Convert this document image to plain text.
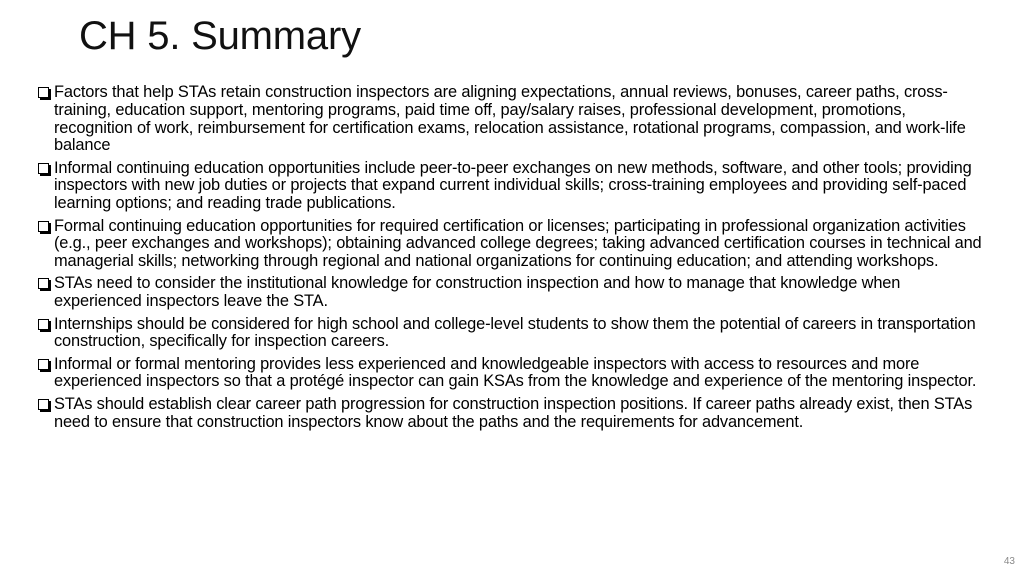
CH 5. Summary
Factors that help STAs retain construction inspectors are aligning expectations, annual reviews, bonuses, career paths, cross-training, education support, mentoring programs, paid time off, pay/salary raises, professional development, promotions, recognition of work, reimbursement for certification exams, relocation assistance, rotational programs, compassion, and work-life balance
Informal continuing education opportunities include peer-to-peer exchanges on new methods, software, and other tools; providing inspectors with new job duties or projects that expand current individual skills; cross-training employees and providing self-paced learning options; and reading trade publications.
Formal continuing education opportunities for required certification or licenses; participating in professional organization activities (e.g., peer exchanges and workshops); obtaining advanced college degrees; taking advanced certification courses in technical and managerial skills; networking through regional and national organizations for continuing education; and attending workshops.
STAs need to consider the institutional knowledge for construction inspection and how to manage that knowledge when experienced inspectors leave the STA.
Internships should be considered for high school and college-level students to show them the potential of careers in transportation construction, specifically for inspection careers.
Informal or formal mentoring provides less experienced and knowledgeable inspectors with access to resources and more experienced inspectors so that a protégé inspector can gain KSAs from the knowledge and experience of the mentoring inspector.
STAs should establish clear career path progression for construction inspection positions. If career paths already exist, then STAs need to ensure that construction inspectors know about the paths and the requirements for advancement.
43
